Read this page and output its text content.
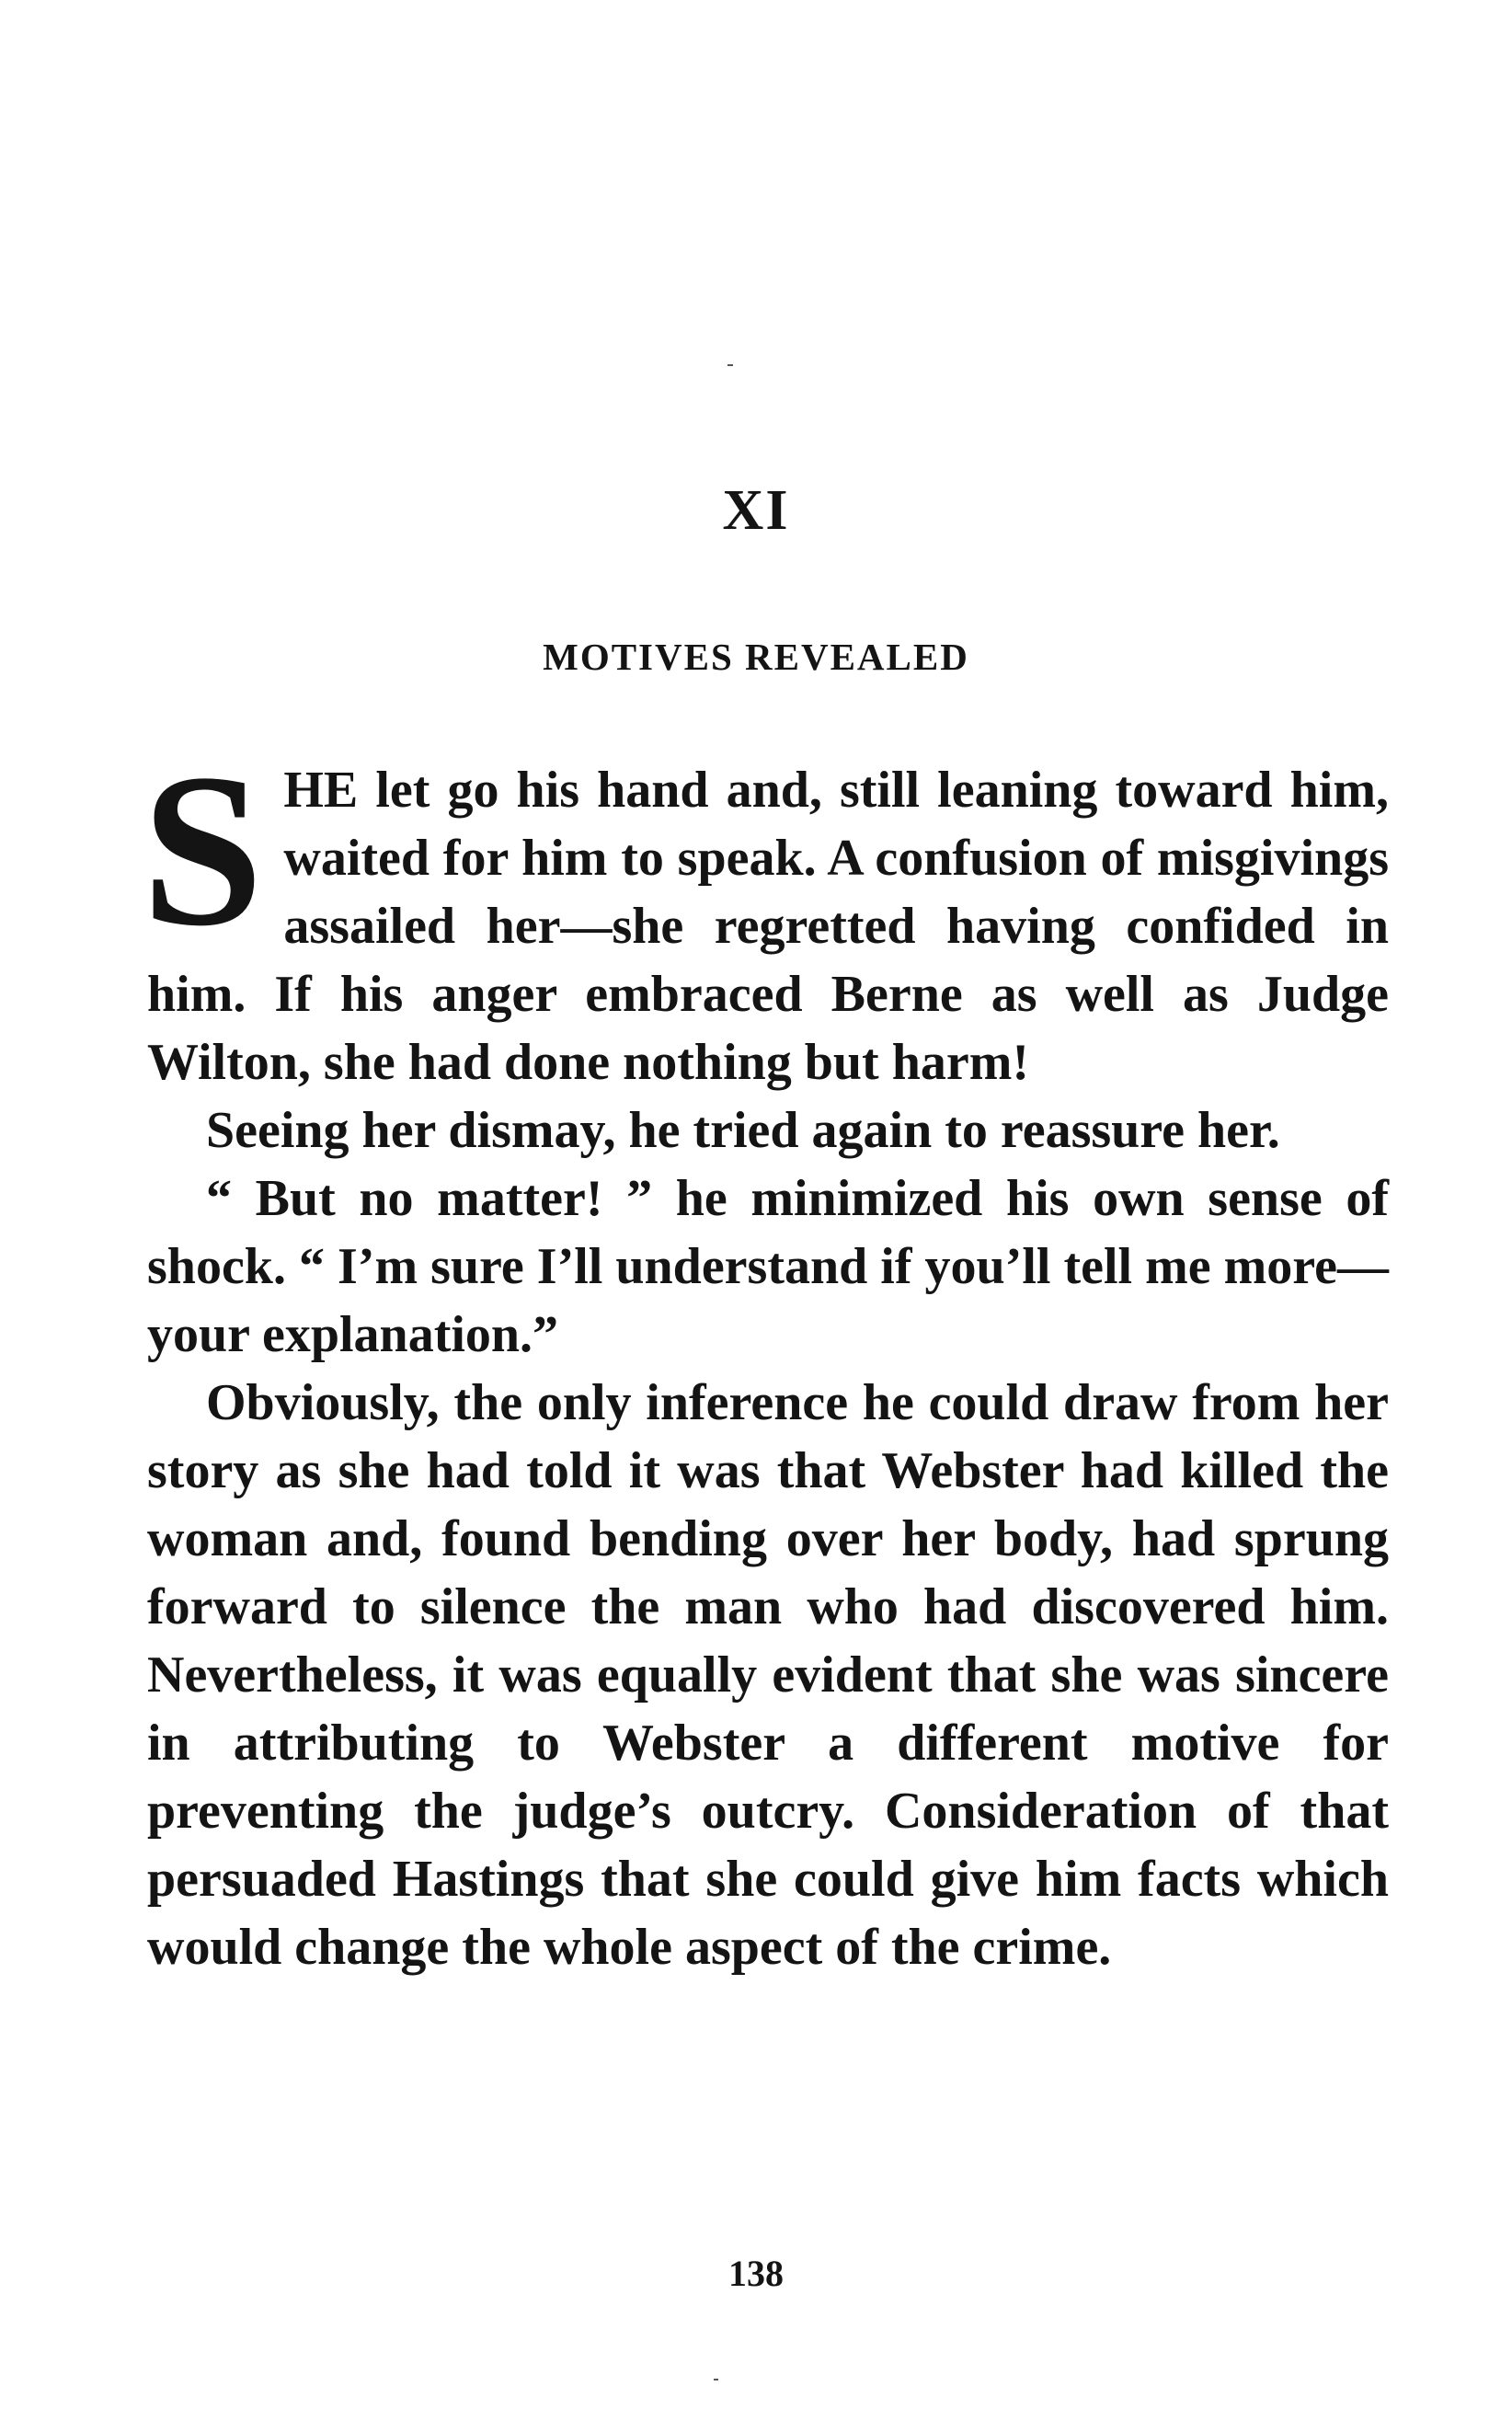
XI
MOTIVES REVEALED

SHE let go his hand and, still leaning toward him, waited for him to speak. A confusion of misgivings assailed her—she regretted having confided in him. If his anger embraced Berne as well as Judge Wilton, she had done nothing but harm!

Seeing her dismay, he tried again to reassure her.

“ But no matter! ” he minimized his own sense of shock. “ I’m sure I’ll understand if you’ll tell me more—your explanation.”

Obviously, the only inference he could draw from her story as she had told it was that Webster had killed the woman and, found bending over her body, had sprung forward to silence the man who had discovered him. Nevertheless, it was equally evident that she was sincere in attributing to Webster a different motive for preventing the judge’s outcry. Consideration of that persuaded Hastings that she could give him facts which would change the whole aspect of the crime.

138
